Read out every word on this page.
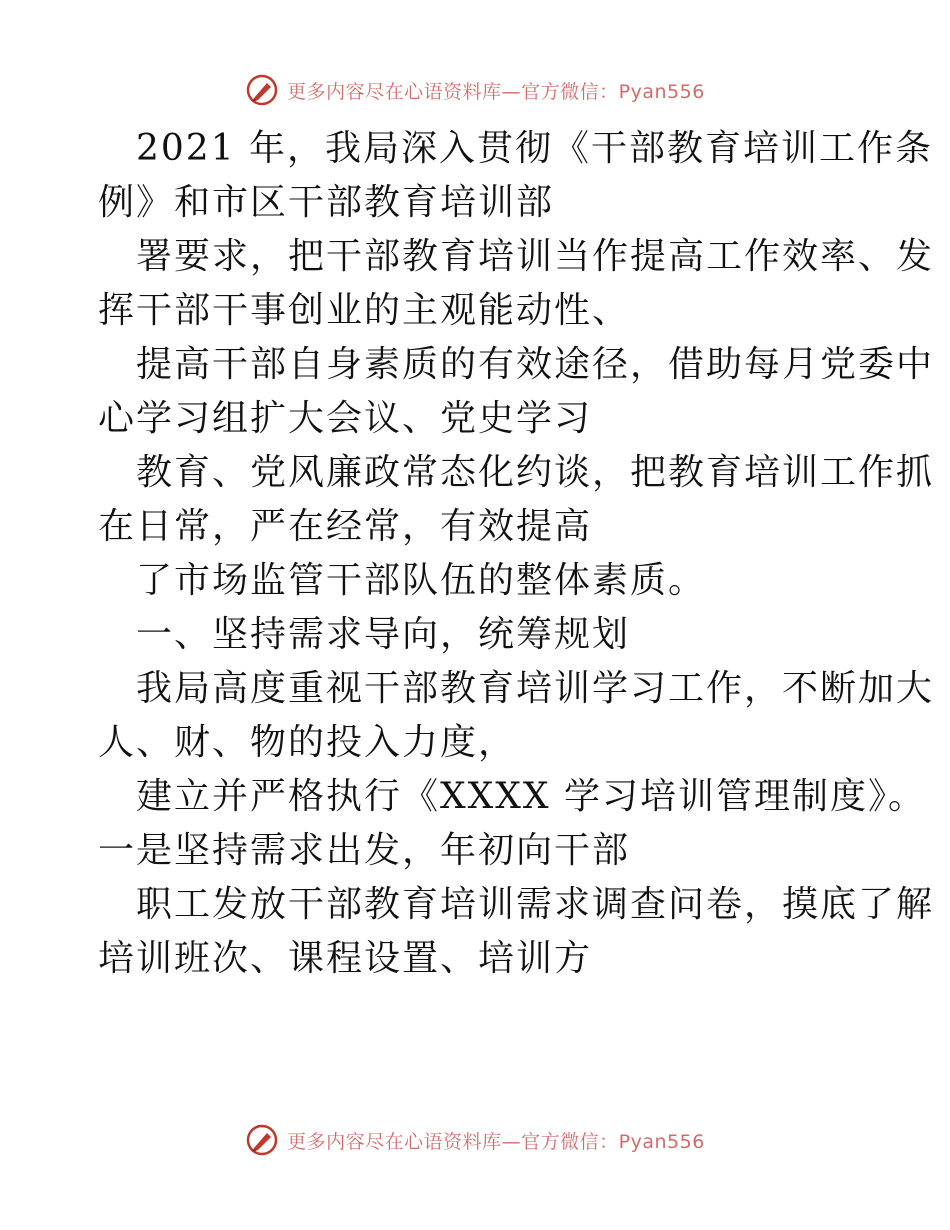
更多内容尽在心语资料库—官方微信：Pyan556

2021 年，我局深入贯彻《干部教育培训工作条

例》和市区干部教育培训部

署要求，把干部教育培训当作提高工作效率、发

挥干部干事创业的主观能动性、

提高干部自身素质的有效途径，借助每月党委中

心学习组扩大会议、党史学习

教育、党风廉政常态化约谈，把教育培训工作抓

在日常，严在经常，有效提高

了市场监管干部队伍的整体素质。

一、坚持需求导向，统筹规划

我局高度重视干部教育培训学习工作，不断加大

人、财、物的投入力度，

建立并严格执行《XXXX 学习培训管理制度》。

一是坚持需求出发，年初向干部

职工发放干部教育培训需求调查问卷，摸底了解

培训班次、课程设置、培训方

更多内容尽在心语资料库—官方微信：Pyan556
